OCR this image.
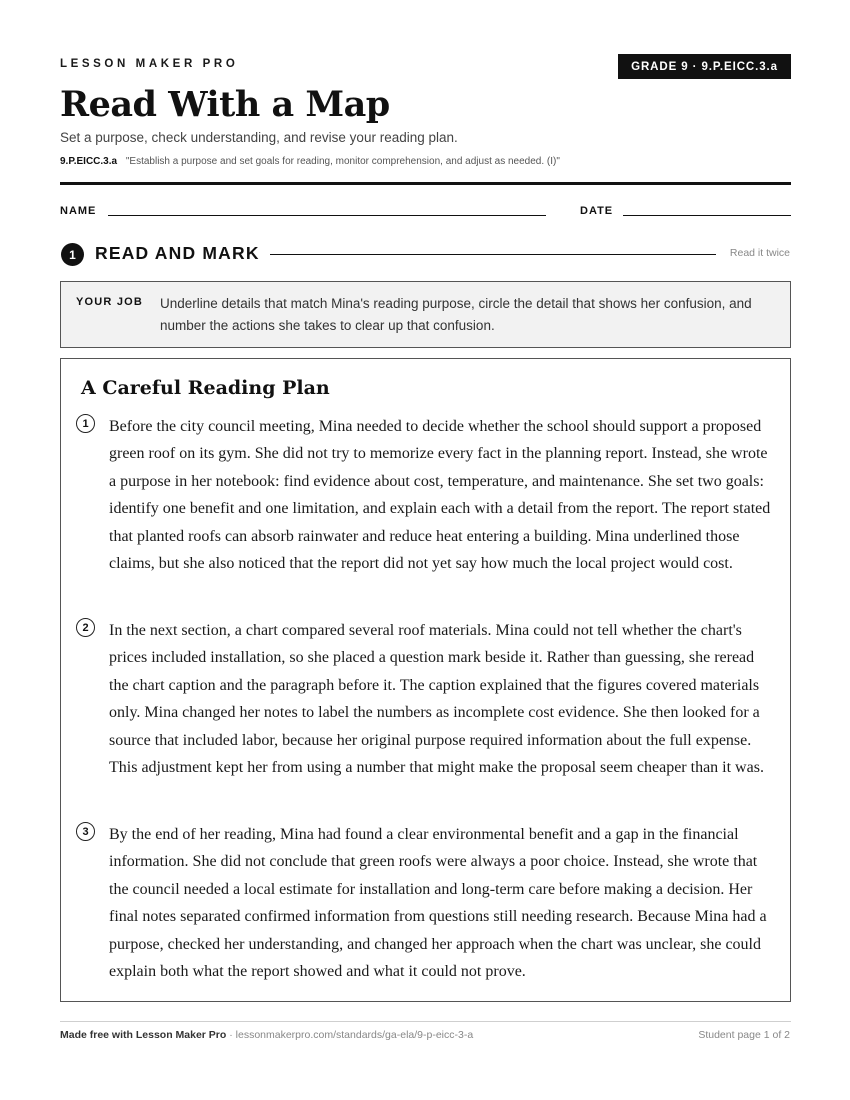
LESSON MAKER PRO	GRADE 9 · 9.P.EICC.3.a
Read With a Map
Set a purpose, check understanding, and revise your reading plan.
9.P.EICC.3.a "Establish a purpose and set goals for reading, monitor comprehension, and adjust as needed. (I)"
NAME	DATE
1	READ AND MARK	Read it twice
YOUR JOB Underline details that match Mina's reading purpose, circle the detail that shows her confusion, and number the actions she takes to clear up that confusion.
A Careful Reading Plan
1	Before the city council meeting, Mina needed to decide whether the school should support a proposed green roof on its gym. She did not try to memorize every fact in the planning report. Instead, she wrote a purpose in her notebook: find evidence about cost, temperature, and maintenance. She set two goals: identify one benefit and one limitation, and explain each with a detail from the report. The report stated that planted roofs can absorb rainwater and reduce heat entering a building. Mina underlined those claims, but she also noticed that the report did not yet say how much the local project would cost.
2	In the next section, a chart compared several roof materials. Mina could not tell whether the chart's prices included installation, so she placed a question mark beside it. Rather than guessing, she reread the chart caption and the paragraph before it. The caption explained that the figures covered materials only. Mina changed her notes to label the numbers as incomplete cost evidence. She then looked for a source that included labor, because her original purpose required information about the full expense. This adjustment kept her from using a number that might make the proposal seem cheaper than it was.
3	By the end of her reading, Mina had found a clear environmental benefit and a gap in the financial information. She did not conclude that green roofs were always a poor choice. Instead, she wrote that the council needed a local estimate for installation and long-term care before making a decision. Her final notes separated confirmed information from questions still needing research. Because Mina had a purpose, checked her understanding, and changed her approach when the chart was unclear, she could explain both what the report showed and what it could not prove.
Made free with Lesson Maker Pro · lessonmakerpro.com/standards/ga-ela/9-p-eicc-3-a	Student page 1 of 2
